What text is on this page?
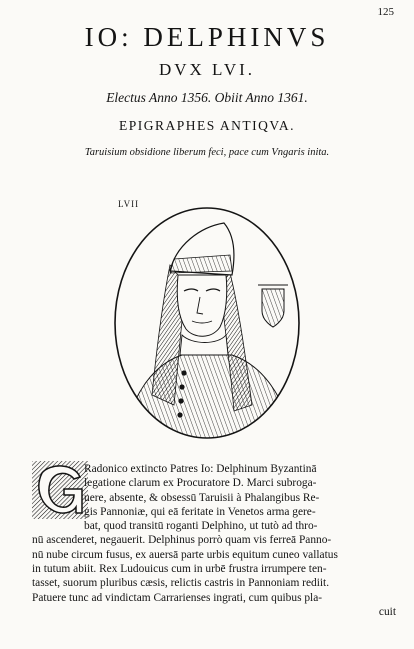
125
IO: DELPHINVS
DVX LVI.
Electus Anno 1356. Obiit Anno 1361.
EPIGRAPHES ANTIQVA.
Taruisium obsidione liberum feci, pace cum Vngaris inita.
LVII
Radonico extincto Patres Io: Delphinum Byzantinā
legatione clarum ex Procuratore D. Marci subroga-
uere, absente, & obsessū Taruisii à Phalangibus Re-
gis Pannoniæ, qui eā feritate in Venetos arma gere-
bat, quod transitū roganti Delphino, ut tutò ad thro-
nū ascenderet, negauerit. Delphinus porrò quam vis ferreā Panno-
nū nube circum fusus, ex auersā parte urbis equitum cuneo vallatus
in tutum abiit. Rex Ludouicus cum in urbē frustra irrumpere ten-
tasset, suorum pluribus cæsis, relictis castris in Pannoniam rediit.
Patuere tunc ad vindictam Carrarienses ingrati, cum quibus pla-
cuit
